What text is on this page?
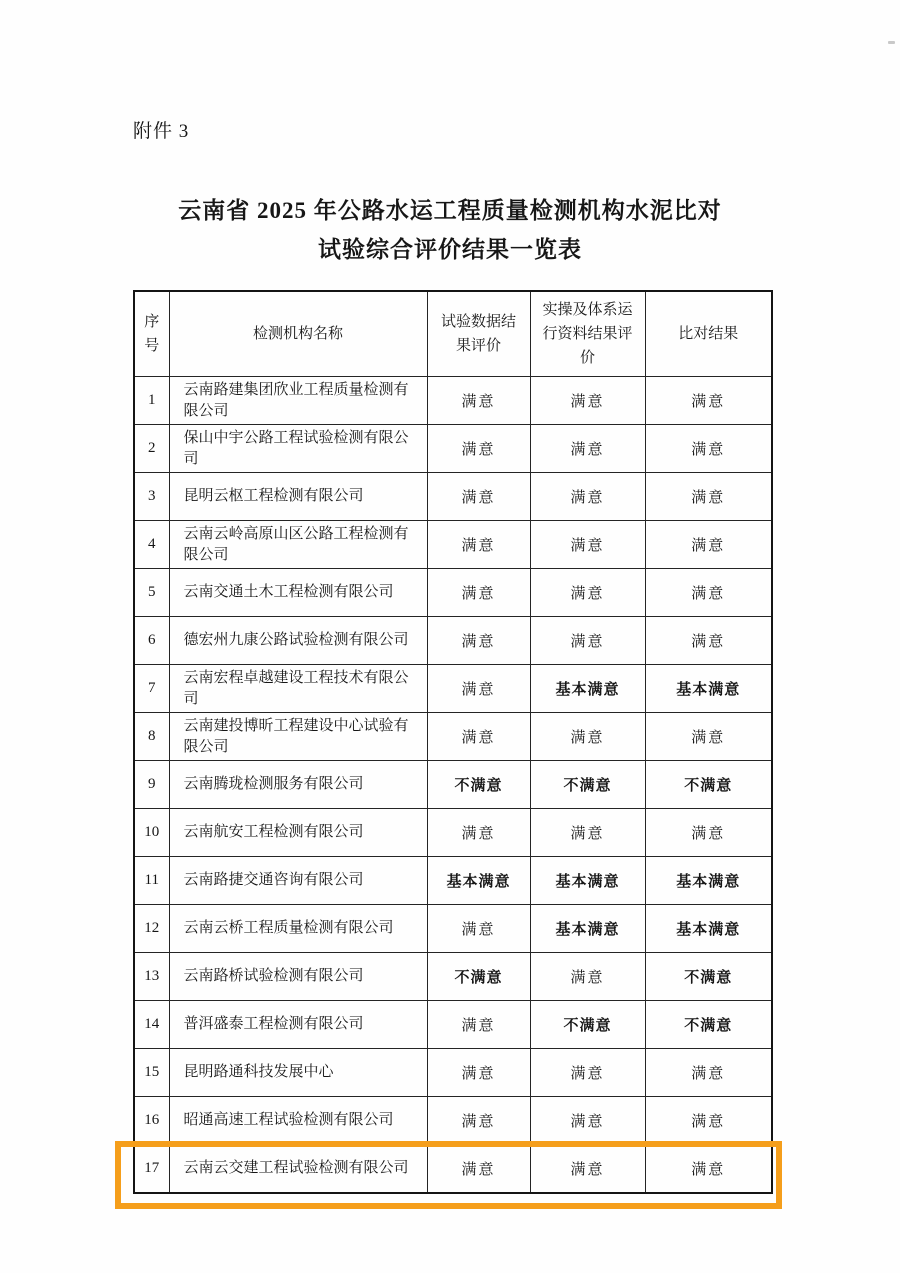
附件 3
云南省 2025 年公路水运工程质量检测机构水泥比对
试验综合评价结果一览表
序号	检测机构名称	试验数据结果评价	实操及体系运行资料结果评价	比对结果
1	云南路建集团欣业工程质量检测有限公司	满意	满意	满意
2	保山中宇公路工程试验检测有限公司	满意	满意	满意
3	昆明云枢工程检测有限公司	满意	满意	满意
4	云南云岭高原山区公路工程检测有限公司	满意	满意	满意
5	云南交通土木工程检测有限公司	满意	满意	满意
6	德宏州九康公路试验检测有限公司	满意	满意	满意
7	云南宏程卓越建设工程技术有限公司	满意	基本满意	基本满意
8	云南建投博昕工程建设中心试验有限公司	满意	满意	满意
9	云南腾珑检测服务有限公司	不满意	不满意	不满意
10	云南航安工程检测有限公司	满意	满意	满意
11	云南路捷交通咨询有限公司	基本满意	基本满意	基本满意
12	云南云桥工程质量检测有限公司	满意	基本满意	基本满意
13	云南路桥试验检测有限公司	不满意	满意	不满意
14	普洱盛泰工程检测有限公司	满意	不满意	不满意
15	昆明路通科技发展中心	满意	满意	满意
16	昭通高速工程试验检测有限公司	满意	满意	满意
17	云南云交建工程试验检测有限公司	满意	满意	满意
